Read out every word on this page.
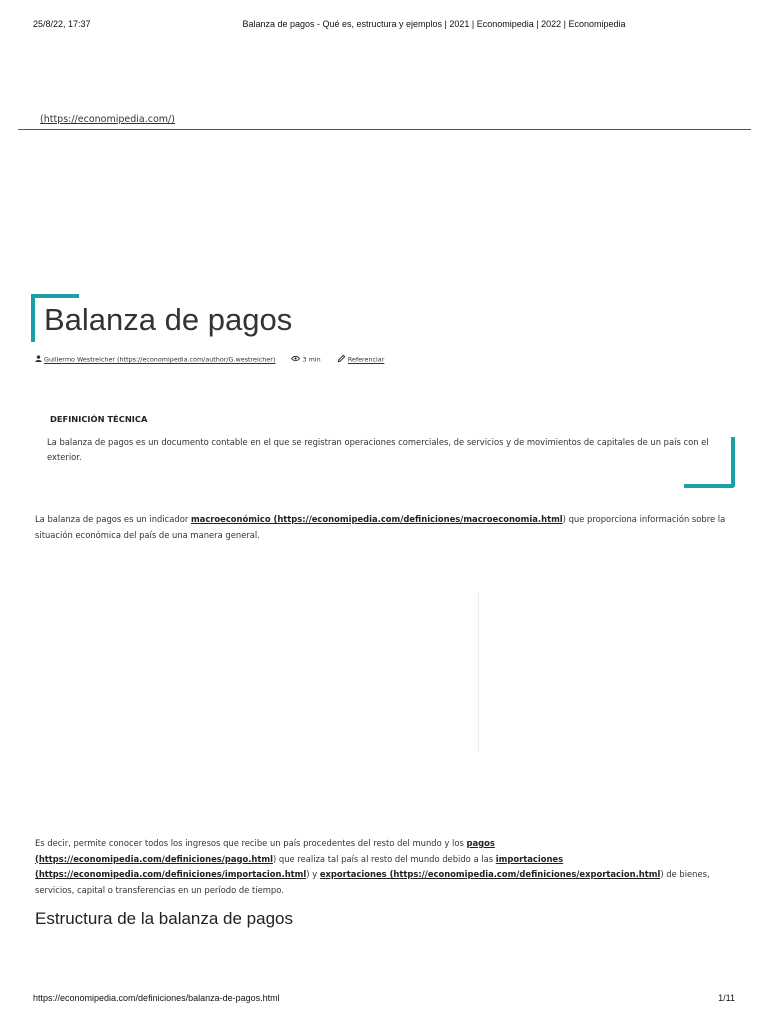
25/8/22, 17:37	Balanza de pagos - Qué es, estructura y ejemplos | 2021 | Economipedia | 2022 | Economipedia
(https://economipedia.com/)
Balanza de pagos
Guillermo Westreicher (https://economipedia.com/author/G.westreicher)	3 min	Referenciar
DEFINICIÓN TÉCNICA
La balanza de pagos es un documento contable en el que se registran operaciones comerciales, de servicios y de movimientos de capitales de un país con el exterior.
La balanza de pagos es un indicador macroeconómico (https://economipedia.com/definiciones/macroeconomia.html) que proporciona información sobre la situación económica del país de una manera general.
Es decir, permite conocer todos los ingresos que recibe un país procedentes del resto del mundo y los pagos (https://economipedia.com/definiciones/pago.html) que realiza tal país al resto del mundo debido a las importaciones (https://economipedia.com/definiciones/importacion.html) y exportaciones (https://economipedia.com/definiciones/exportacion.html) de bienes, servicios, capital o transferencias en un período de tiempo.
Estructura de la balanza de pagos
https://economipedia.com/definiciones/balanza-de-pagos.html	1/11
